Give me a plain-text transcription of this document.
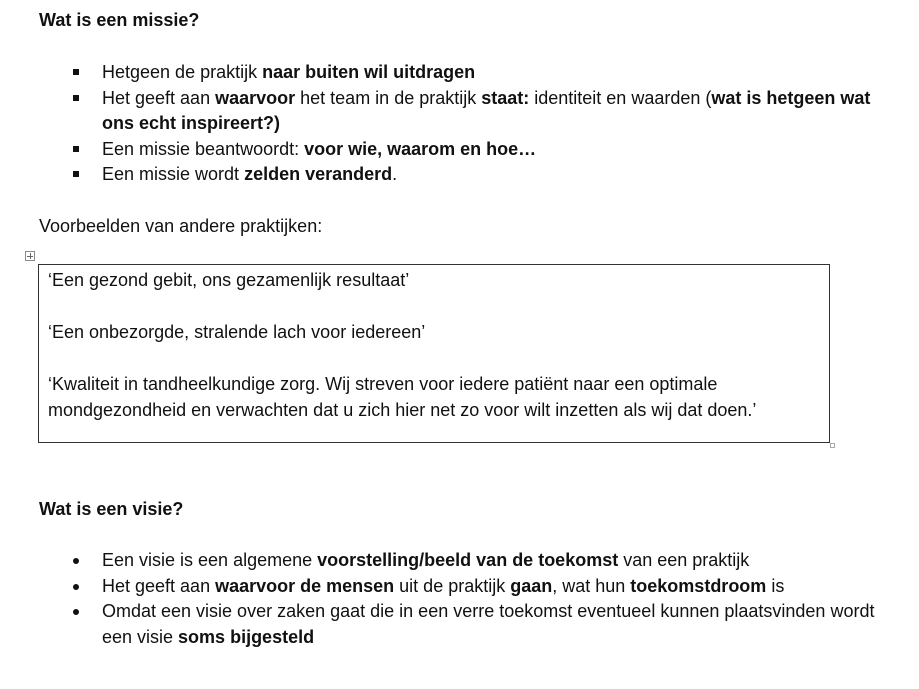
Wat is een missie?
Hetgeen de praktijk naar buiten wil uitdragen
Het geeft aan waarvoor het team in de praktijk staat: identiteit en waarden (wat is hetgeen wat ons echt inspireert?)
Een missie beantwoordt: voor wie, waarom en hoe…
Een missie wordt zelden veranderd.
Voorbeelden van andere praktijken:

‘Een gezond gebit, ons gezamenlijk resultaat’

‘Een onbezorgde, stralende lach voor iedereen’

‘Kwaliteit in tandheelkundige zorg. Wij streven voor iedere patiënt naar een optimale mondgezondheid en verwachten dat u zich hier net zo voor wilt inzetten als wij dat doen.’

Wat is een visie?
Een visie is een algemene voorstelling/beeld van de toekomst van een praktijk
Het geeft aan waarvoor de mensen uit de praktijk gaan, wat hun toekomstdroom is
Omdat een visie over zaken gaat die in een verre toekomst eventueel kunnen plaatsvinden wordt een visie soms bijgesteld
